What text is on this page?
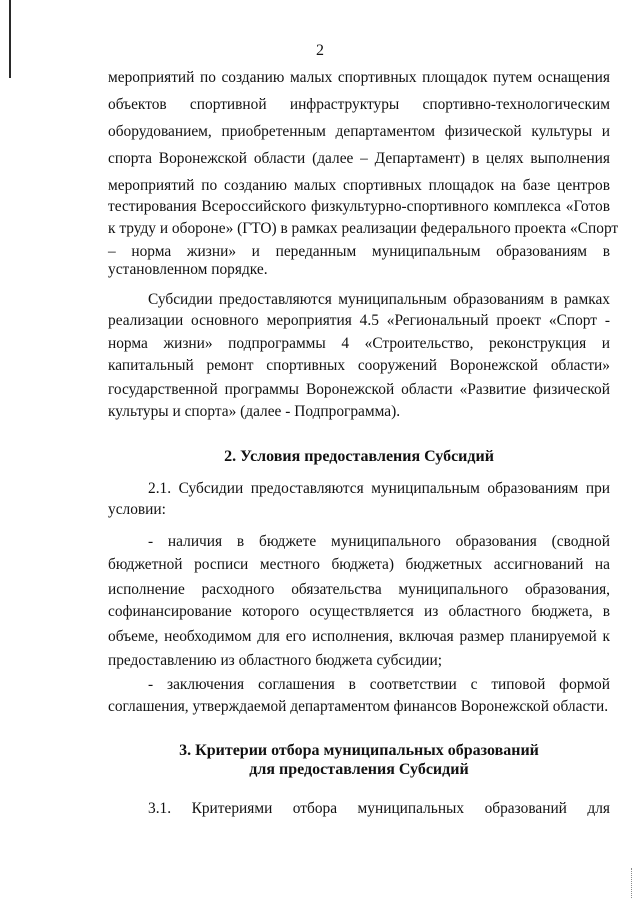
2
мероприятий по созданию малых спортивных площадок путем оснащения
объектов спортивной инфраструктуры спортивно-технологическим
оборудованием, приобретенным департаментом физической культуры и
спорта Воронежской области (далее – Департамент) в целях выполнения
мероприятий по созданию малых спортивных площадок на базе центров
тестирования Всероссийского физкультурно-спортивного комплекса «Готов
к труду и обороне» (ГТО) в рамках реализации федерального проекта «Спорт
– норма жизни» и переданным муниципальным образованиям в
установленном порядке.
Субсидии предоставляются муниципальным образованиям в рамках
реализации основного мероприятия 4.5 «Региональный проект «Спорт -
норма жизни» подпрограммы 4 «Строительство, реконструкция и
капитальный ремонт спортивных сооружений Воронежской области»
государственной программы Воронежской области «Развитие физической
культуры и спорта» (далее - Подпрограмма).
2. Условия предоставления Субсидий
2.1. Субсидии предоставляются муниципальным образованиям при
условии:
- наличия в бюджете муниципального образования (сводной
бюджетной росписи местного бюджета) бюджетных ассигнований на
исполнение расходного обязательства муниципального образования,
софинансирование которого осуществляется из областного бюджета, в
объеме, необходимом для его исполнения, включая размер планируемой к
предоставлению из областного бюджета субсидии;
- заключения соглашения в соответствии с типовой формой
соглашения, утверждаемой департаментом финансов Воронежской области.
3. Критерии отбора муниципальных образований
для предоставления Субсидий
3.1. Критериями отбора муниципальных образований для
